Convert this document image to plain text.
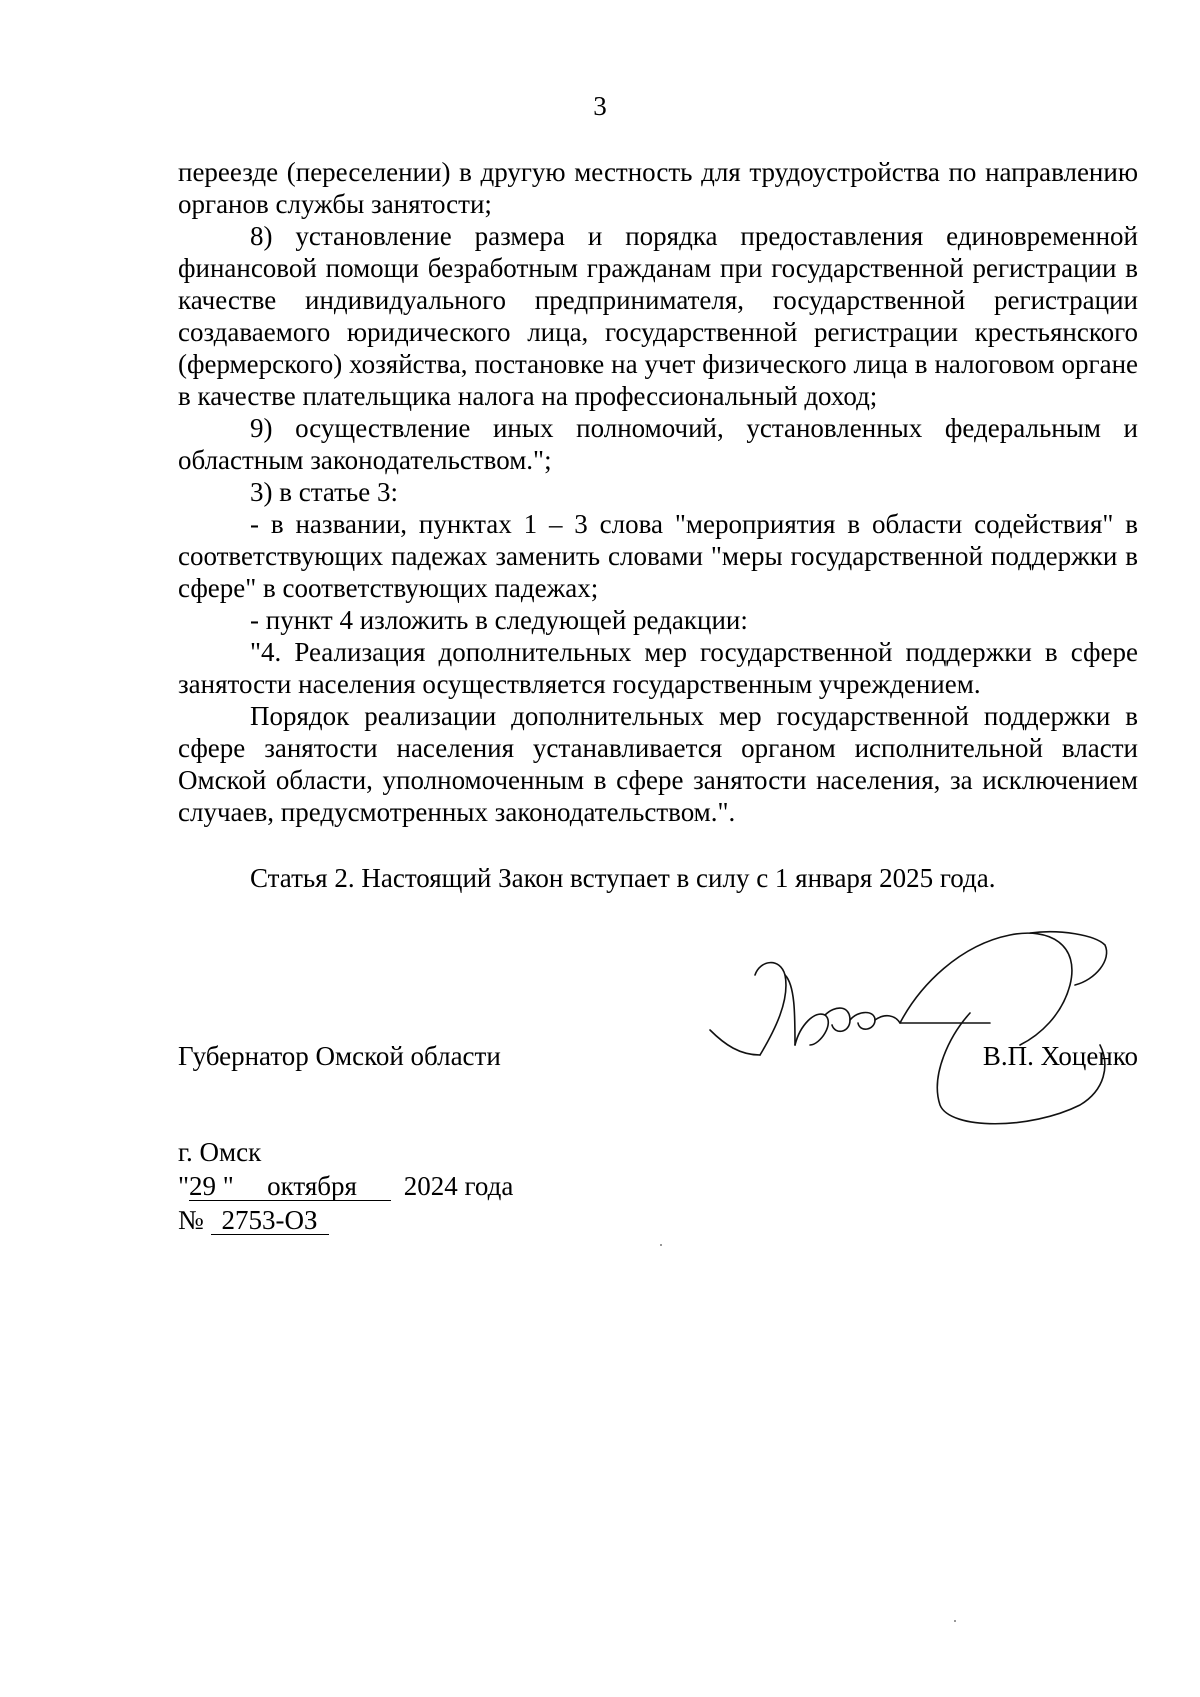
3

переезде (переселении) в другую местность для трудоустройства по направлению органов службы занятости;

8) установление размера и порядка предоставления единовременной финансовой помощи безработным гражданам при государственной регистрации в качестве индивидуального предпринимателя, государственной регистрации создаваемого юридического лица, государственной регистрации крестьянского (фермерского) хозяйства, постановке на учет физического лица в налоговом органе в качестве плательщика налога на профессиональный доход;

9) осуществление иных полномочий, установленных федеральным и областным законодательством.";

3) в статье 3:

- в названии, пунктах 1 – 3 слова "мероприятия в области содействия" в соответствующих падежах заменить словами "меры государственной поддержки в сфере" в соответствующих падежах;

- пункт 4 изложить в следующей редакции:

"4. Реализация дополнительных мер государственной поддержки в сфере занятости населения осуществляется государственным учреждением.

Порядок реализации дополнительных мер государственной поддержки в сфере занятости населения устанавливается органом исполнительной власти Омской области, уполномоченным в сфере занятости населения, за исключением случаев, предусмотренных законодательством.".

Статья 2. Настоящий Закон вступает в силу с 1 января 2025 года.

Губернатор Омской области	В.П. Хоценко
г. Омск
"29 " октября 2024 года
№ 2753-ОЗ
